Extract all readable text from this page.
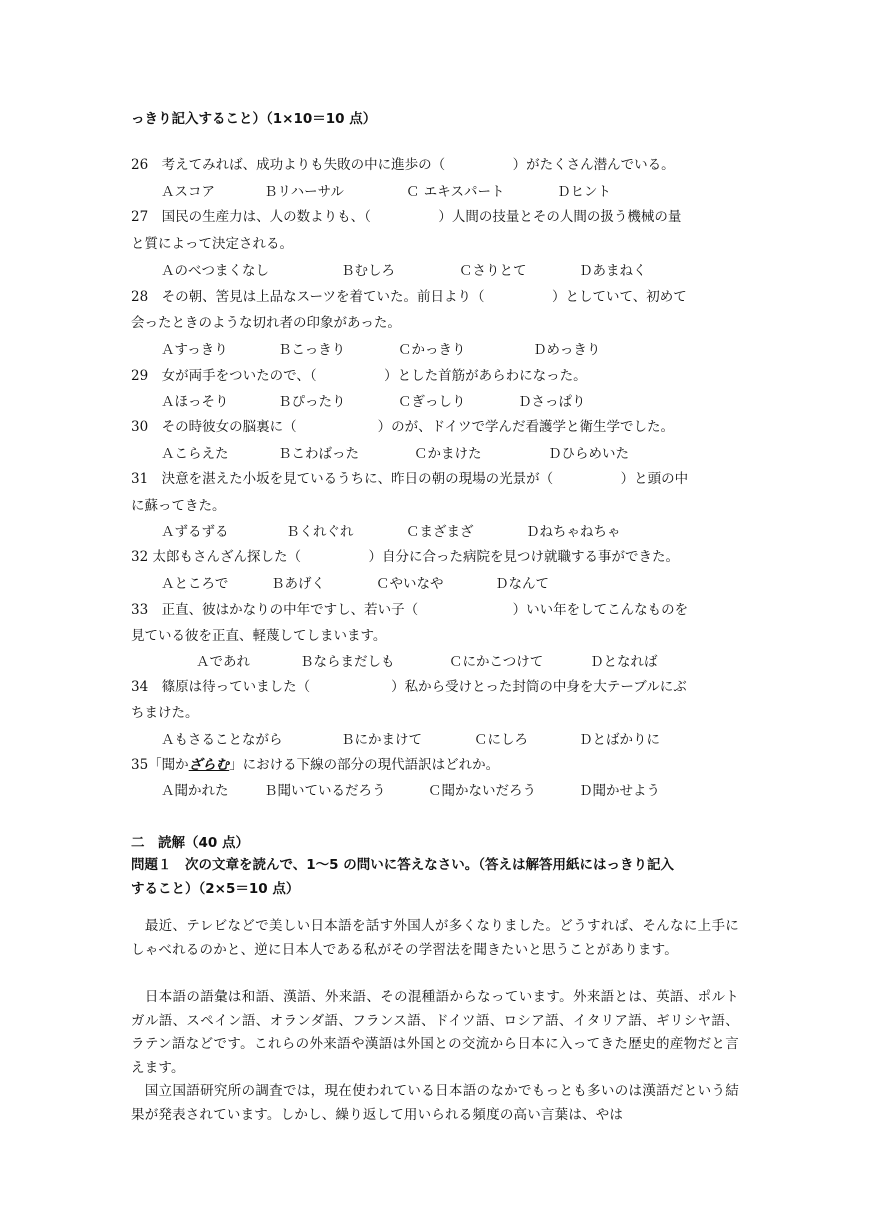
っきり記入すること）（1×10＝10 点）
26　考えてみれば、成功よりも失敗の中に進歩の（　　　　　）がたくさん潜んでいる。
Ａスコア	Ｂリハーサル	Ｃ エキスパート	Ｄヒント
27　国民の生産力は、人の数よりも、（　　　　　）人間の技量とその人間の扱う機械の量
と質によって決定される。
Ａのべつまくなし	Ｂむしろ	Ｃさりとて	Ｄあまねく
28　その朝、筈見は上品なスーツを着ていた。前日より（　　　　　）としていて、初めて
会ったときのような切れ者の印象があった。
Ａすっきり	Ｂこっきり	Ｃかっきり	Ｄめっきり
29　女が両手をついたので、（　　　　　）とした首筋があらわになった。
Ａほっそり	Ｂぴったり	Ｃぎっしり	Ｄさっぱり
30　その時彼女の脳裏に（　　　　　　）のが、ドイツで学んだ看護学と衛生学でした。
Ａこらえた	Ｂこわばった	Ｃかまけた	Ｄひらめいた
31　決意を湛えた小坂を見ているうちに、昨日の朝の現場の光景が（　　　　　）と頭の中
に蘇ってきた。
Ａずるずる	Ｂくれぐれ	Ｃまざまざ	Ｄねちゃねちゃ
32 太郎もさんざん探した（　　　　　）自分に合った病院を見つけ就職する事ができた。
Ａところで	Ｂあげく	Ｃやいなや	Ｄなんて
33　正直、彼はかなりの中年ですし、若い子（　　　　　　　）いい年をしてこんなものを
見ている彼を正直、軽蔑してしまいます。
Ａであれ	Ｂならまだしも	Ｃにかこつけて	Ｄとなれば
34　篠原は待っていました（　　　　　　）私から受けとった封筒の中身を大テーブルにぶ
ちまけた。
Ａもさることながら	Ｂにかまけて	Ｃにしろ	Ｄとばかりに
35「聞かざらむ」における下線の部分の現代語訳はどれか。
Ａ聞かれた	Ｂ聞いているだろう	Ｃ聞かないだろう	Ｄ聞かせよう
二　読解（40 点）
問題１　次の文章を読んで、1～5 の問いに答えなさい。（答えは解答用紙にはっきり記入
すること）（2×5＝10 点）
　最近、テレビなどで美しい日本語を話す外国人が多くなりました。どうすれば、そんなに上手にしゃべれるのかと、逆に日本人である私がその学習法を聞きたいと思うことがあります。
　日本語の語彙は和語、漢語、外来語、その混種語からなっています。外来語とは、英語、ポルトガル語、スペイン語、オランダ語、フランス語、ドイツ語、ロシア語、イタリア語、ギリシヤ語、ラテン語などです。これらの外来語や漢語は外国との交流から日本に入ってきた歴史的産物だと言えます。
　国立国語研究所の調査では，現在使われている日本語のなかでもっとも多いのは漢語だという結果が発表されています。しかし、繰り返して用いられる頻度の高い言葉は、やは
